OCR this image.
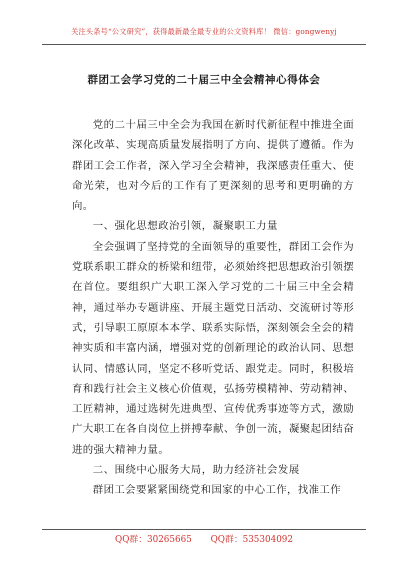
关注头条号“公文研究”，获得最新最全最专业的公文资料库！ 微信：gongwenyj
群团工会学习党的二十届三中全会精神心得体会

党的二十届三中全会为我国在新时代新征程中推进全面深化改革、实现高质量发展指明了方向、提供了遵循。作为群团工会工作者，深入学习全会精神，我深感责任重大、使命光荣，也对今后的工作有了更深刻的思考和更明确的方向。

一、强化思想政治引领，凝聚职工力量

全会强调了坚持党的全面领导的重要性，群团工会作为党联系职工群众的桥梁和纽带，必须始终把思想政治引领摆在首位。要组织广大职工深入学习党的二十届三中全会精神，通过举办专题讲座、开展主题党日活动、交流研讨等形式，引导职工原原本本学、联系实际悟，深刻领会全会的精神实质和丰富内涵，增强对党的创新理论的政治认同、思想认同、情感认同，坚定不移听党话、跟党走。同时，积极培育和践行社会主义核心价值观，弘扬劳模精神、劳动精神、工匠精神，通过选树先进典型、宣传优秀事迹等方式，激励广大职工在各自岗位上拼搏奉献、争创一流，凝聚起团结奋进的强大精神力量。

二、围绕中心服务大局，助力经济社会发展

群团工会要紧紧围绕党和国家的中心工作，找准工作

QQ群：30265665 QQ群：535304092
